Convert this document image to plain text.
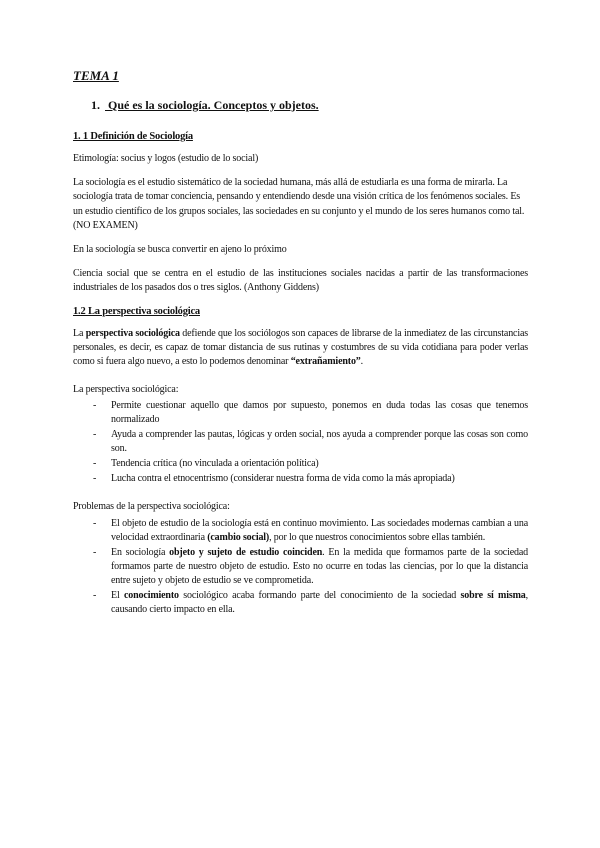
TEMA 1
1. Qué es la sociología. Conceptos y objetos.
1. 1 Definición de Sociología

Etimología: socius y logos (estudio de lo social)

La sociología es el estudio sistemático de la sociedad humana, más allá de estudiarla es una forma de mirarla. La sociología trata de tomar conciencia, pensando y entendiendo desde una visión crítica de los fenómenos sociales. Es un estudio científico de los grupos sociales, las sociedades en su conjunto y el mundo de los seres humanos como tal. (NO EXAMEN)

En la sociología se busca convertir en ajeno lo próximo

Ciencia social que se centra en el estudio de las instituciones sociales nacidas a partir de las transformaciones industriales de los pasados dos o tres siglos. (Anthony Giddens)

1.2 La perspectiva sociológica

La perspectiva sociológica defiende que los sociólogos son capaces de librarse de la inmediatez de las circunstancias personales, es decir, es capaz de tomar distancia de sus rutinas y costumbres de su vida cotidiana para poder verlas como si fuera algo nuevo, a esto lo podemos denominar “extrañamiento”.

La perspectiva sociológica:

- Permite cuestionar aquello que damos por supuesto, ponemos en duda todas las cosas que tenemos normalizado
- Ayuda a comprender las pautas, lógicas y orden social, nos ayuda a comprender porque las cosas son como son.
- Tendencia crítica (no vinculada a orientación política)
- Lucha contra el etnocentrismo (considerar nuestra forma de vida como la más apropiada)

Problemas de la perspectiva sociológica:

- El objeto de estudio de la sociología está en continuo movimiento. Las sociedades modernas cambian a una velocidad extraordinaria (cambio social), por lo que nuestros conocimientos sobre ellas también.
- En sociología objeto y sujeto de estudio coinciden. En la medida que formamos parte de la sociedad formamos parte de nuestro objeto de estudio. Esto no ocurre en todas las ciencias, por lo que la distancia entre sujeto y objeto de estudio se ve comprometida.
- El conocimiento sociológico acaba formando parte del conocimiento de la sociedad sobre sí misma, causando cierto impacto en ella.
